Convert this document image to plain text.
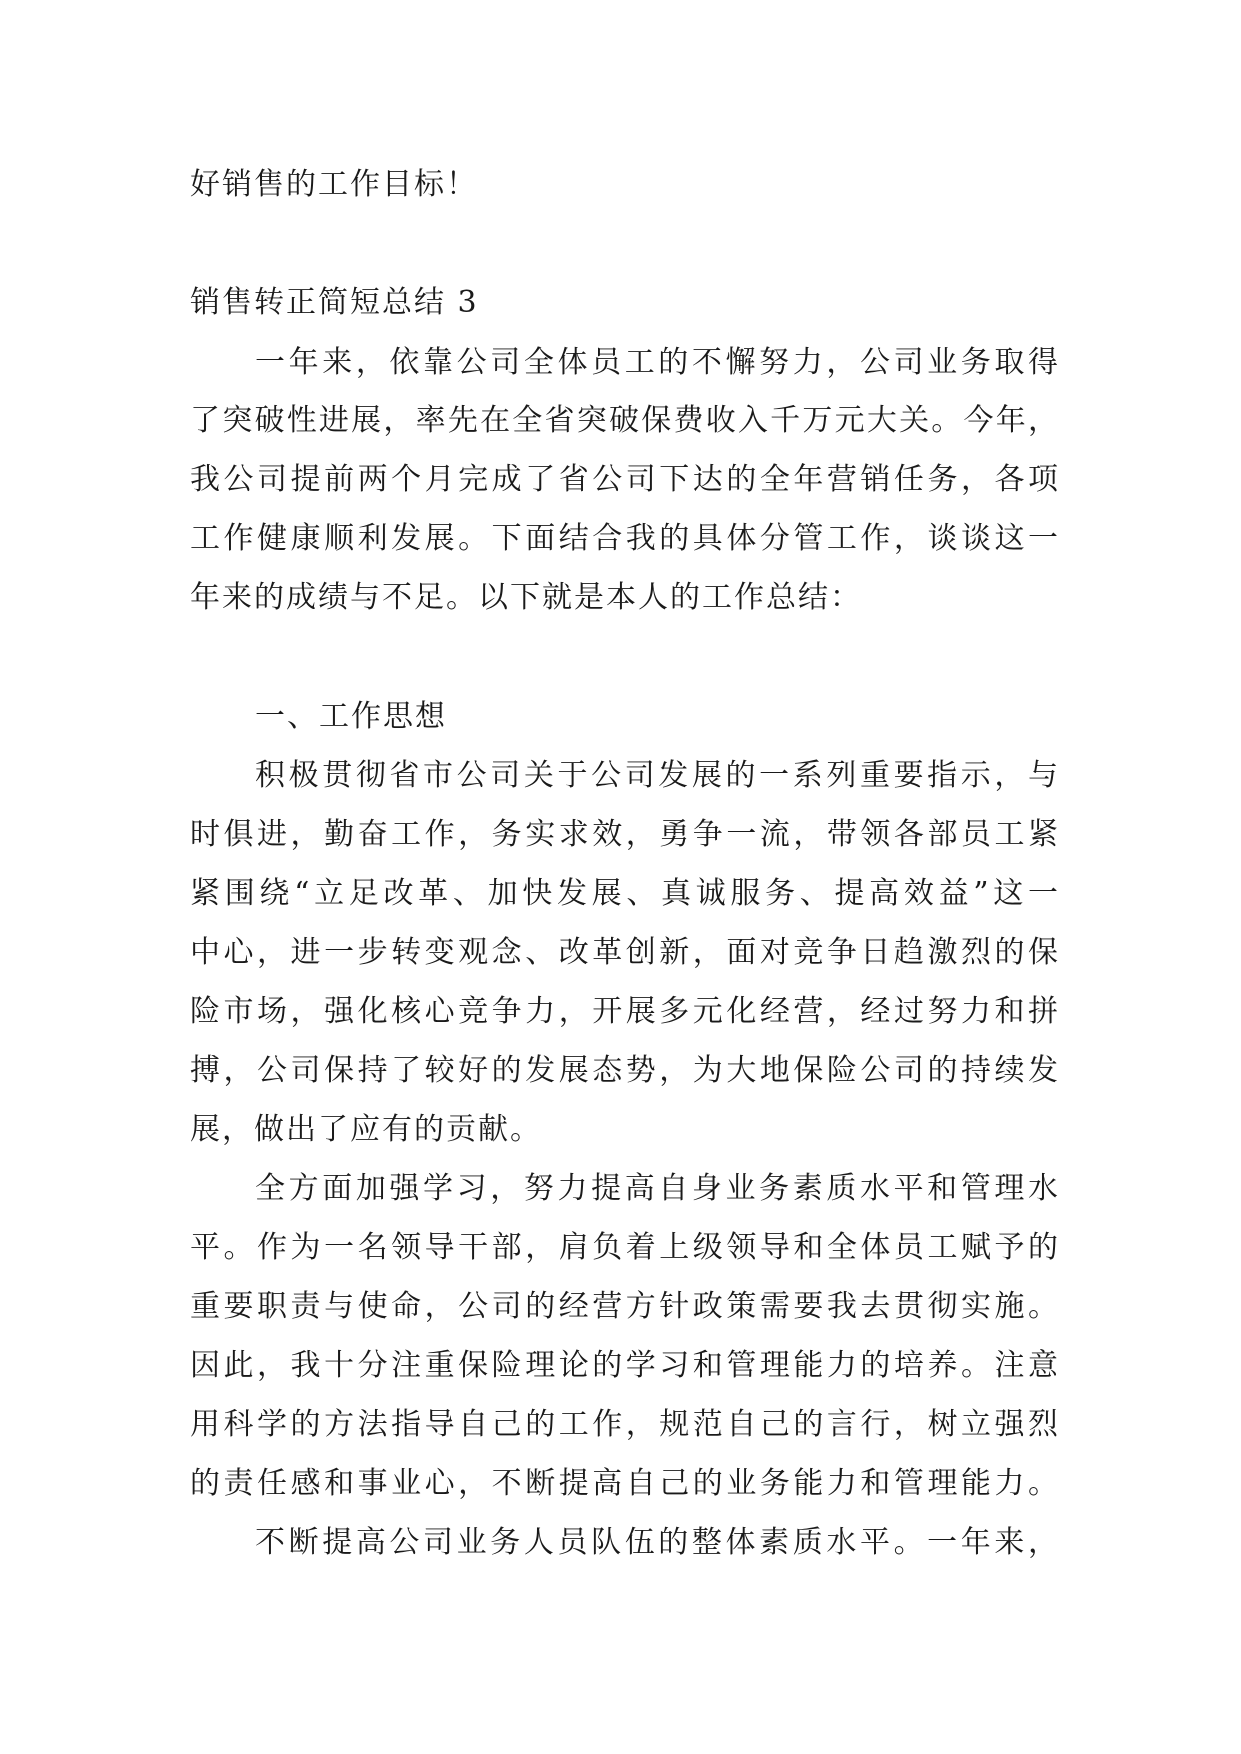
好销售的工作目标！

销售转正简短总结 3

一年来，依靠公司全体员工的不懈努力，公司业务取得

了突破性进展，率先在全省突破保费收入千万元大关。今年，

我公司提前两个月完成了省公司下达的全年营销任务，各项

工作健康顺利发展。下面结合我的具体分管工作，谈谈这一

年来的成绩与不足。以下就是本人的工作总结：

一、工作思想

积极贯彻省市公司关于公司发展的一系列重要指示，与

时俱进，勤奋工作，务实求效，勇争一流，带领各部员工紧

紧围绕“立足改革、加快发展、真诚服务、提高效益”这一

中心，进一步转变观念、改革创新，面对竞争日趋激烈的保

险市场，强化核心竞争力，开展多元化经营，经过努力和拼

搏，公司保持了较好的发展态势，为大地保险公司的持续发

展，做出了应有的贡献。

全方面加强学习，努力提高自身业务素质水平和管理水

平。作为一名领导干部，肩负着上级领导和全体员工赋予的

重要职责与使命，公司的经营方针政策需要我去贯彻实施。

因此，我十分注重保险理论的学习和管理能力的培养。注意

用科学的方法指导自己的工作，规范自己的言行，树立强烈

的责任感和事业心，不断提高自己的业务能力和管理能力。

不断提高公司业务人员队伍的整体素质水平。一年来，
